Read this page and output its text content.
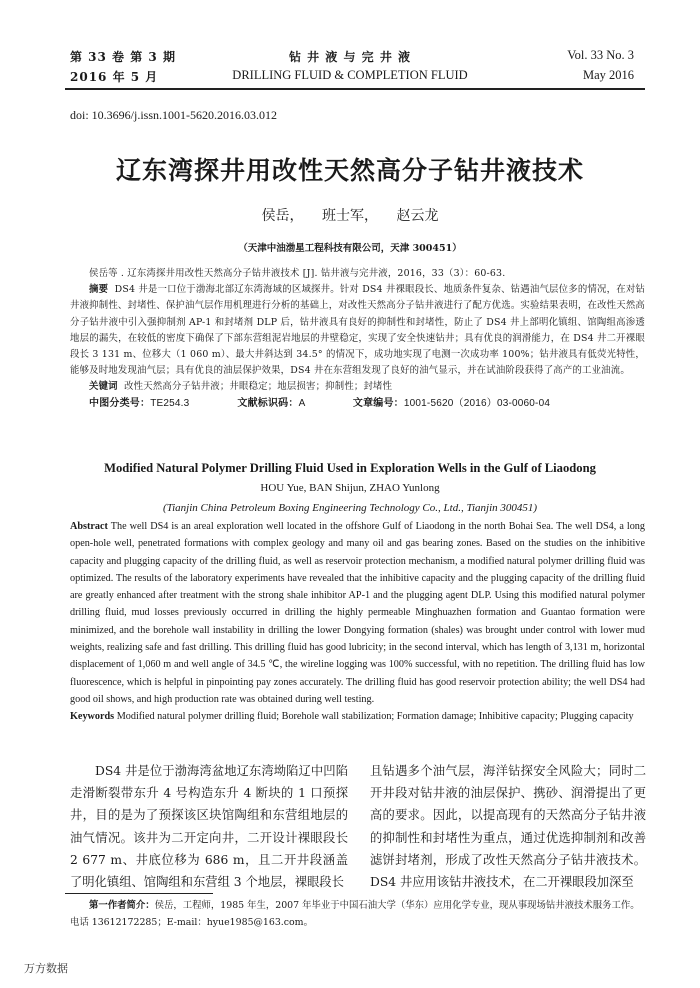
第 33 卷 第 3 期
2016 年 5 月
钻 井 液 与 完 井 液
DRILLING FLUID & COMPLETION FLUID
Vol. 33 No. 3
May 2016
doi: 10.3696/j.issn.1001-5620.2016.03.012
辽东湾探井用改性天然高分子钻井液技术
侯岳， 班士军， 赵云龙
（天津中油渤星工程科技有限公司，天津 300451）
侯岳等 . 辽东湾探井用改性天然高分子钻井液技术 [J]. 钻井液与完井液，2016，33（3）：60-63.
摘要 DS4 井是一口位于渤海北部辽东湾海域的区域探井。针对 DS4 井裸眼段长、地质条件复杂、钻遇油气层位多的情况，在对钻井液抑制性、封堵性、保护油气层作用机理进行分析的基础上，对改性天然高分子钻井液进行了配方优选。实验结果表明，在改性天然高分子钻井液中引入强抑制剂 AP-1 和封堵剂 DLP 后，钻井液具有良好的抑制性和封堵性，防止了 DS4 井上部明化镇组、馆陶组高渗透地层的漏失，在较低的密度下确保了下部东营组泥岩地层的井壁稳定，实现了安全快速钻井；具有优良的润滑能力，在 DS4 井二开裸眼段长 3 131 m、位移大（1 060 m）、最大井斜达到 34.5° 的情况下，成功地实现了电测一次成功率 100%；钻井液具有低荧光特性，能够及时地发现油气层；具有优良的油层保护效果，DS4 井在东营组发现了良好的油气显示，并在试油阶段获得了高产的工业油流。
关键词 改性天然高分子钻井液；井眼稳定；地层损害；抑制性；封堵性
中图分类号：TE254.3	文献标识码：A	文章编号：1001-5620（2016）03-0060-04
Modified Natural Polymer Drilling Fluid Used in Exploration Wells in the Gulf of Liaodong
HOU Yue, BAN Shijun, ZHAO Yunlong
(Tianjin China Petroleum Boxing Engineering Technology Co., Ltd., Tianjin 300451)
Abstract The well DS4 is an areal exploration well located in the offshore Gulf of Liaodong in the north Bohai Sea. The well DS4, a long open-hole well, penetrated formations with complex geology and many oil and gas bearing zones. Based on the studies on the inhibitive capacity and plugging capacity of the drilling fluid, as well as reservoir protection mechanism, a modified natural polymer drilling fluid was optimized. The results of the laboratory experiments have revealed that the inhibitive capacity and the plugging capacity of the drilling fluid are greatly enhanced after treatment with the strong shale inhibitor AP-1 and the plugging agent DLP. Using this modified natural polymer drilling fluid, mud losses previously occurred in drilling the highly permeable Minghuazhen formation and Guantao formation were minimized, and the borehole wall instability in drilling the lower Dongying formation (shales) was brought under control with lower mud weights, realizing safe and fast drilling. This drilling fluid has good lubricity; in the second interval, which has length of 3,131 m, horizontal displacement of 1,060 m and well angle of 34.5 ℃, the wireline logging was 100% successful, with no repetition. The drilling fluid has low fluorescence, which is helpful in pinpointing pay zones accurately. The drilling fluid has good reservoir protection ability; the well DS4 had good oil shows, and high production rate was obtained during well testing.
Keywords Modified natural polymer drilling fluid; Borehole wall stabilization; Formation damage; Inhibitive capacity; Plugging capacity
DS4 井是位于渤海湾盆地辽东湾坳陷辽中凹陷走滑断裂带东升 4 号构造东升 4 断块的 1 口预探井，目的是为了预探该区块馆陶组和东营组地层的油气情况。该井为二开定向井，二开设计裸眼段长 2 677 m、井底位移为 686 m，且二开井段涵盖了明化镇组、馆陶组和东营组 3 个地层，裸眼段长
且钻遇多个油气层，海洋钻探安全风险大；同时二开井段对钻井液的油层保护、携砂、润滑提出了更高的要求。因此，以提高现有的天然高分子钻井液的抑制性和封堵性为重点，通过优选抑制剂和改善滤饼封堵剂，形成了改性天然高分子钻井液技术。DS4 井应用该钻井液技术，在二开裸眼段加深至
第一作者简介：侯岳，工程师，1985 年生，2007 年毕业于中国石油大学（华东）应用化学专业，现从事现场钻井液技术服务工作。电话 13612172285；E-mail：hyue1985@163.com。
万方数据
